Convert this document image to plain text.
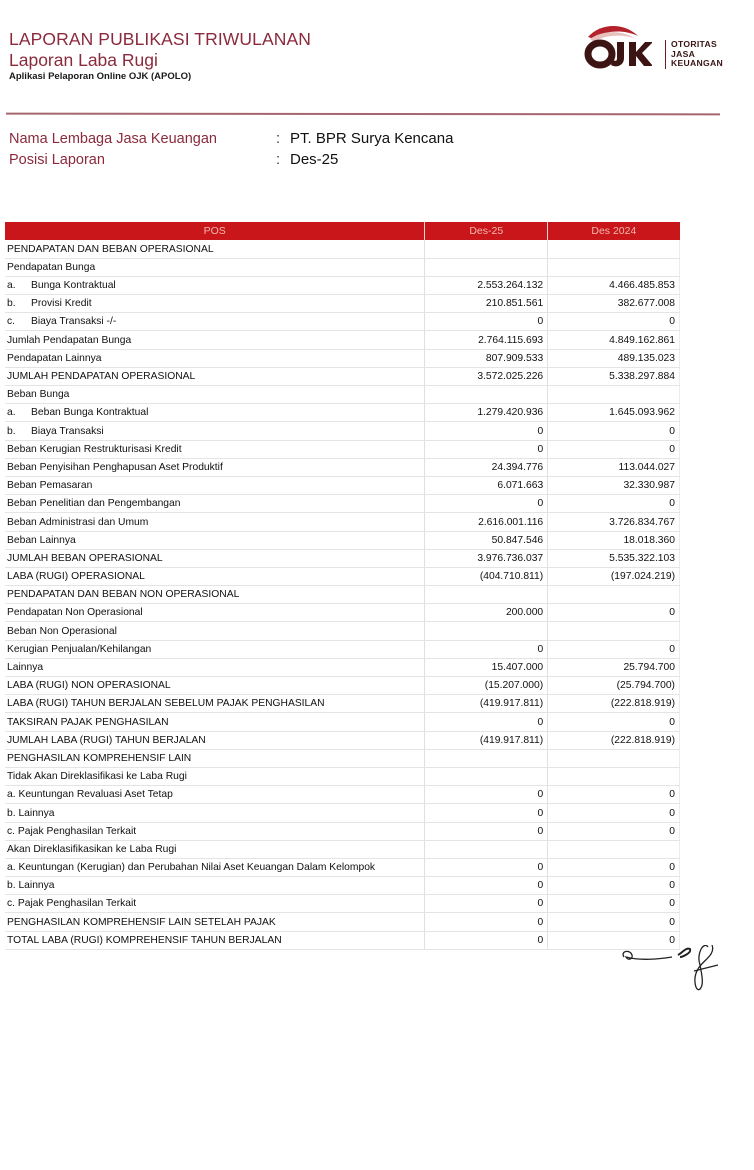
LAPORAN PUBLIKASI TRIWULANAN
Laporan Laba Rugi
Aplikasi Pelaporan Online OJK (APOLO)
OTORITAS
JASA
KEUANGAN
Nama Lembaga Jasa Keuangan	: PT. BPR Surya Kencana
Posisi Laporan	: Des-25
POS	Des-25	Des 2024
PENDAPATAN DAN BEBAN OPERASIONAL		
Pendapatan Bunga		
a. Bunga Kontraktual	2.553.264.132	4.466.485.853
b. Provisi Kredit	210.851.561	382.677.008
c. Biaya Transaksi -/-	0	0
Jumlah Pendapatan Bunga	2.764.115.693	4.849.162.861
Pendapatan Lainnya	807.909.533	489.135.023
JUMLAH PENDAPATAN OPERASIONAL	3.572.025.226	5.338.297.884
Beban Bunga		
a. Beban Bunga Kontraktual	1.279.420.936	1.645.093.962
b. Biaya Transaksi	0	0
Beban Kerugian Restrukturisasi Kredit	0	0
Beban Penyisihan Penghapusan Aset Produktif	24.394.776	113.044.027
Beban Pemasaran	6.071.663	32.330.987
Beban Penelitian dan Pengembangan	0	0
Beban Administrasi dan Umum	2.616.001.116	3.726.834.767
Beban Lainnya	50.847.546	18.018.360
JUMLAH BEBAN OPERASIONAL	3.976.736.037	5.535.322.103
LABA (RUGI) OPERASIONAL	(404.710.811)	(197.024.219)
PENDAPATAN DAN BEBAN NON OPERASIONAL		
Pendapatan Non Operasional	200.000	0
Beban Non Operasional		
Kerugian Penjualan/Kehilangan	0	0
Lainnya	15.407.000	25.794.700
LABA (RUGI) NON OPERASIONAL	(15.207.000)	(25.794.700)
LABA (RUGI) TAHUN BERJALAN SEBELUM PAJAK PENGHASILAN	(419.917.811)	(222.818.919)
TAKSIRAN PAJAK PENGHASILAN	0	0
JUMLAH LABA (RUGI) TAHUN BERJALAN	(419.917.811)	(222.818.919)
PENGHASILAN KOMPREHENSIF LAIN		
Tidak Akan Direklasifikasi ke Laba Rugi		
a. Keuntungan Revaluasi Aset Tetap	0	0
b. Lainnya	0	0
c. Pajak Penghasilan Terkait	0	0
Akan Direklasifikasikan ke Laba Rugi		
a. Keuntungan (Kerugian) dan Perubahan Nilai Aset Keuangan Dalam Kelompok	0	0
b. Lainnya	0	0
c. Pajak Penghasilan Terkait	0	0
PENGHASILAN KOMPREHENSIF LAIN SETELAH PAJAK	0	0
TOTAL LABA (RUGI) KOMPREHENSIF TAHUN BERJALAN	0	0
